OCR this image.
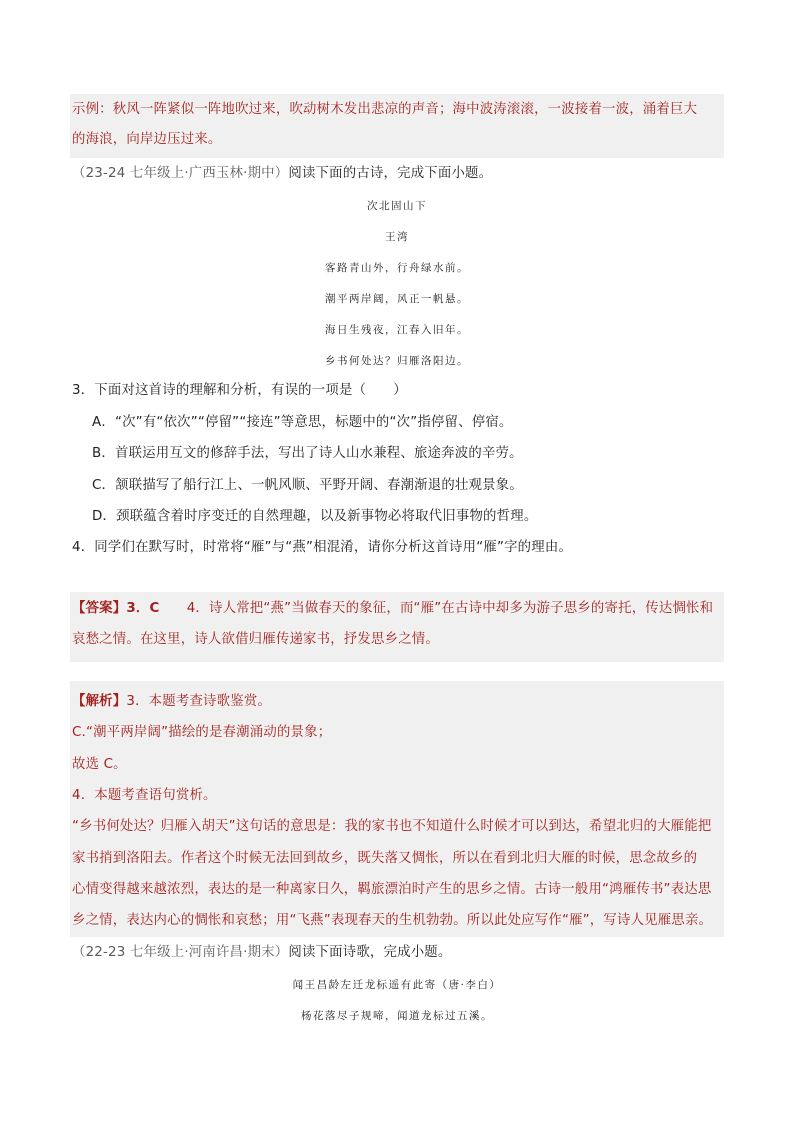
示例：秋风一阵紧似一阵地吹过来，吹动树木发出悲凉的声音；海中波涛滚滚，一波接着一波，涌着巨大
的海浪，向岸边压过来。
（23-24 七年级上·广西玉林·期中）阅读下面的古诗，完成下面小题。
次北固山下
王湾
客路青山外，行舟绿水前。
潮平两岸阔，风正一帆悬。
海日生残夜，江春入旧年。
乡书何处达？归雁洛阳边。
3．下面对这首诗的理解和分析，有误的一项是（　　）
A．“次”有“依次”“停留”“接连”等意思，标题中的“次”指停留、停宿。
B．首联运用互文的修辞手法，写出了诗人山水兼程、旅途奔波的辛劳。
C．颔联描写了船行江上、一帆风顺、平野开阔、春潮渐退的壮观景象。
D．颈联蕴含着时序变迁的自然理趣，以及新事物必将取代旧事物的哲理。
4．同学们在默写时，时常将“雁”与“燕”相混淆，请你分析这首诗用“雁”字的理由。
【答案】3．C　　 4．诗人常把“燕”当做春天的象征，而“雁”在古诗中却多为游子思乡的寄托，传达惆怅和
哀愁之情。在这里，诗人欲借归雁传递家书，抒发思乡之情。
【解析】3．本题考查诗歌鉴赏。
C.“潮平两岸阔”描绘的是春潮涌动的景象；
故选 C。
4．本题考查语句赏析。
“乡书何处达？归雁入胡天”这句话的意思是：我的家书也不知道什么时候才可以到达，希望北归的大雁能把
家书捎到洛阳去。作者这个时候无法回到故乡，既失落又惆怅，所以在看到北归大雁的时候，思念故乡的
心情变得越来越浓烈，表达的是一种离家日久，羁旅漂泊时产生的思乡之情。古诗一般用“鸿雁传书”表达思
乡之情，表达内心的惆怅和哀愁；用“飞燕”表现春天的生机勃勃。所以此处应写作“雁”，写诗人见雁思亲。
（22-23 七年级上·河南许昌·期末）阅读下面诗歌，完成小题。
闻王昌龄左迁龙标遥有此寄（唐·李白）
杨花落尽子规啼，闻道龙标过五溪。
